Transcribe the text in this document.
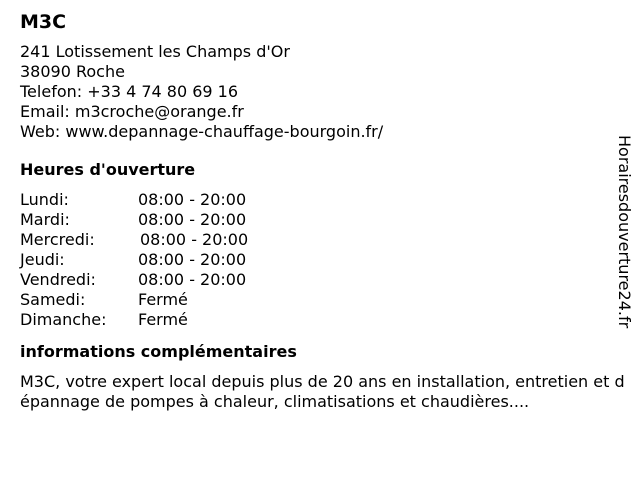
M3C
241 Lotissement les Champs d'Or
38090 Roche
Telefon: +33 4 74 80 69 16
Email: m3croche@orange.fr
Web: www.depannage-chauffage-bourgoin.fr/
Heures d'ouverture
Lundi:	08:00 - 20:00
Mardi:	08:00 - 20:00
Mercredi:	08:00 - 20:00
Jeudi:	08:00 - 20:00
Vendredi:	08:00 - 20:00
Samedi:	Fermé
Dimanche:	Fermé
informations complémentaires
M3C, votre expert local depuis plus de 20 ans en installation, entretien et dépannage de pompes à chaleur, climatisations et chaudières....
Horairesdouverture24.fr
